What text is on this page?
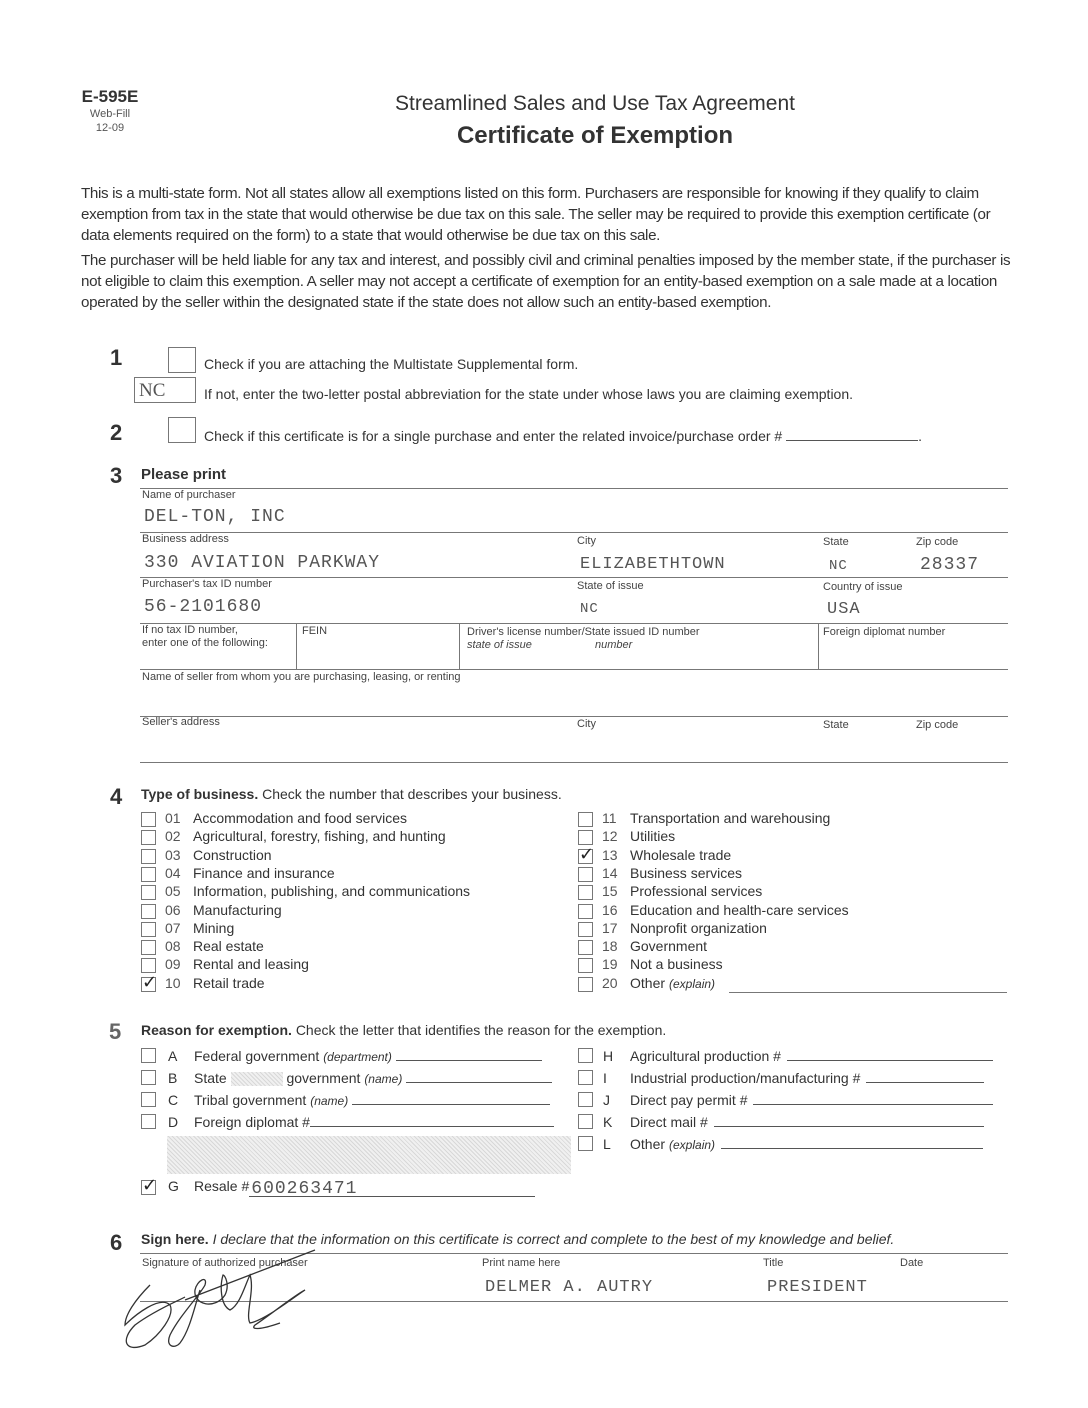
E-595E
Web-Fill
12-09
Streamlined Sales and Use Tax Agreement
Certificate of Exemption
This is a multi-state form. Not all states allow all exemptions listed on this form. Purchasers are responsible for knowing if they qualify to claim exemption from tax in the state that would otherwise be due tax on this sale. The seller may be required to provide this exemption certificate (or data elements required on the form) to a state that would otherwise be due tax on this sale.
The purchaser will be held liable for any tax and interest, and possibly civil and criminal penalties imposed by the member state, if the purchaser is not eligible to claim this exemption. A seller may not accept a certificate of exemption for an entity-based exemption on a sale made at a location operated by the seller within the designated state if the state does not allow such an entity-based exemption.
1	Check if you are attaching the Multistate Supplemental form.
NC	If not, enter the two-letter postal abbreviation for the state under whose laws you are claiming exemption.
2	Check if this certificate is for a single purchase and enter the related invoice/purchase order #	.
3 Please print
Name of purchaser
DEL-TON, INC
Business address	City	State	Zip code
330 AVIATION PARKWAY	ELIZABETHTOWN	NC	28337
Purchaser's tax ID number	State of issue	Country of issue
56-2101680	NC	USA
If no tax ID number,
enter one of the following:
FEIN	Driver's license number/State issued ID number
state of issue	number
Foreign diplomat number
Name of seller from whom you are purchasing, leasing, or renting
Seller's address	City	State	Zip code
4 Type of business. Check the number that describes your business.
01 Accommodation and food services
02 Agricultural, forestry, fishing, and hunting
03 Construction
04 Finance and insurance
05 Information, publishing, and communications
06 Manufacturing
07 Mining
08 Real estate
09 Rental and leasing
✓ 10 Retail trade
11 Transportation and warehousing
12 Utilities
✓ 13 Wholesale trade
14 Business services
15 Professional services
16 Education and health-care services
17 Nonprofit organization
18 Government
19 Not a business
20 Other (explain)
5 Reason for exemption. Check the letter that identifies the reason for the exemption.
A Federal government (department)
B State	government (name)
C Tribal government (name)
D Foreign diplomat #
✓ G Resale # 600263471
H Agricultural production #
I Industrial production/manufacturing #
J Direct pay permit #
K Direct mail #
L Other (explain)
6 Sign here. I declare that the information on this certificate is correct and complete to the best of my knowledge and belief.
Signature of authorized purchaser	Print name here	Title	Date
DELMER A. AUTRY	PRESIDENT
